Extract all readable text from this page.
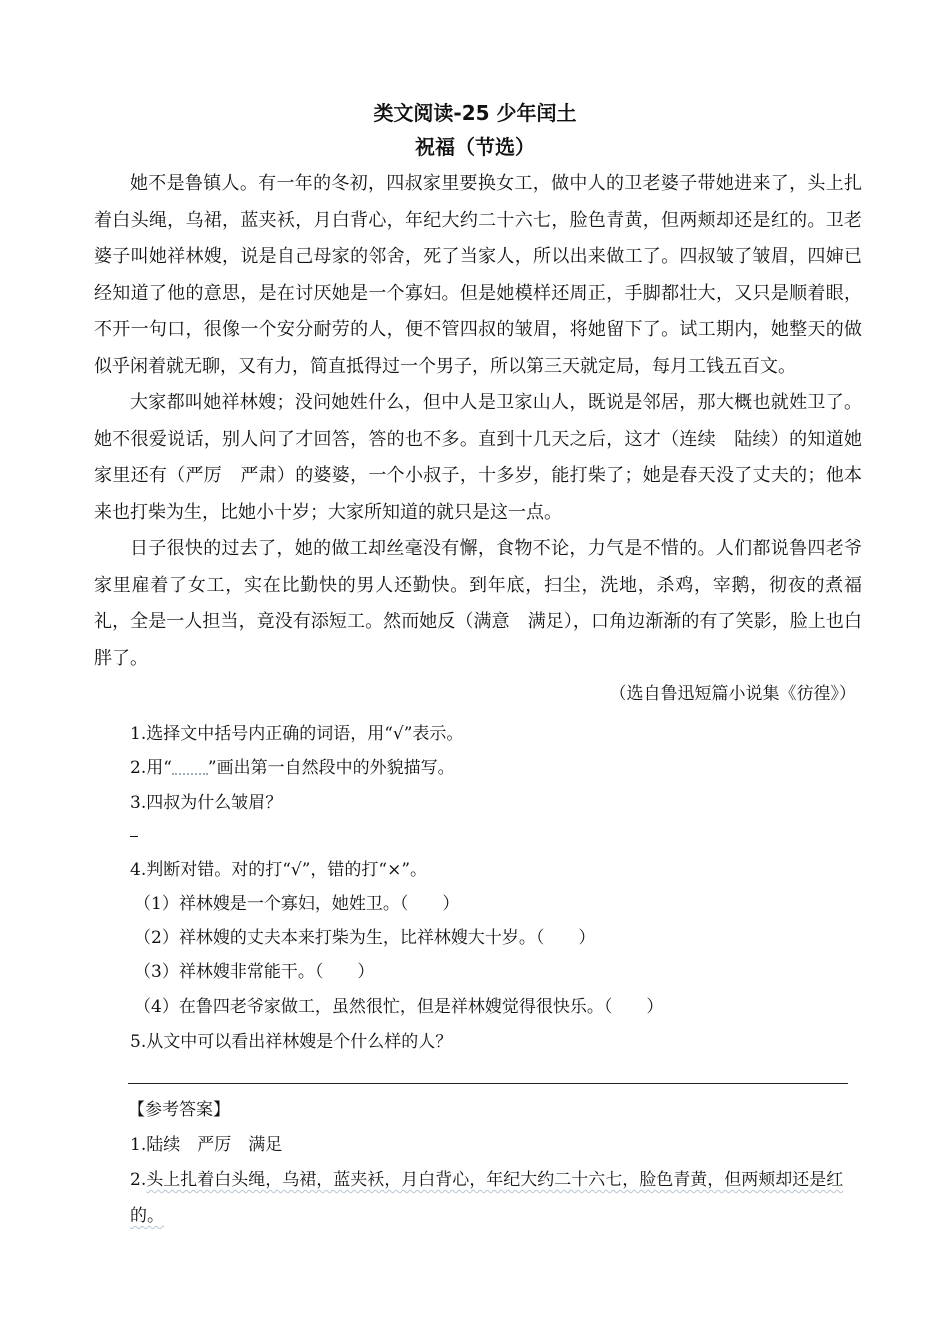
类文阅读-25 少年闰土
祝福（节选）

她不是鲁镇人。有一年的冬初，四叔家里要换女工，做中人的卫老婆子带她进来了，头上扎着白头绳，乌裙，蓝夹袄，月白背心，年纪大约二十六七，脸色青黄，但两颊却还是红的。卫老婆子叫她祥林嫂，说是自己母家的邻舍，死了当家人，所以出来做工了。四叔皱了皱眉，四婶已经知道了他的意思，是在讨厌她是一个寡妇。但是她模样还周正，手脚都壮大，又只是顺着眼，不开一句口，很像一个安分耐劳的人，便不管四叔的皱眉，将她留下了。试工期内，她整天的做似乎闲着就无聊，又有力，简直抵得过一个男子，所以第三天就定局，每月工钱五百文。

大家都叫她祥林嫂；没问她姓什么，但中人是卫家山人，既说是邻居，那大概也就姓卫了。她不很爱说话，别人问了才回答，答的也不多。直到十几天之后，这才（连续　陆续）的知道她家里还有（严厉　严肃）的婆婆，一个小叔子，十多岁，能打柴了；她是春天没了丈夫的；他本来也打柴为生，比她小十岁；大家所知道的就只是这一点。

日子很快的过去了，她的做工却丝毫没有懈，食物不论，力气是不惜的。人们都说鲁四老爷家里雇着了女工，实在比勤快的男人还勤快。到年底，扫尘，洗地，杀鸡，宰鹅，彻夜的煮福礼，全是一人担当，竟没有添短工。然而她反（满意　满足），口角边渐渐的有了笑影，脸上也白胖了。

（选自鲁迅短篇小说集《彷徨》）
1.选择文中括号内正确的词语，用“√”表示。
2.用“ ”画出第一自然段中的外貌描写。
3.四叔为什么皱眉？
4.判断对错。对的打“√”，错的打“×”。
（1）祥林嫂是一个寡妇，她姓卫。（　　）
（2）祥林嫂的丈夫本来打柴为生，比祥林嫂大十岁。（　　）
（3）祥林嫂非常能干。（　　）
（4）在鲁四老爷家做工，虽然很忙，但是祥林嫂觉得很快乐。（　　）
5.从文中可以看出祥林嫂是个什么样的人？
【参考答案】
1.陆续　严厉　满足
2.头上扎着白头绳，乌裙，蓝夹袄，月白背心，年纪大约二十六七，脸色青黄，但两颊却还是红的。
